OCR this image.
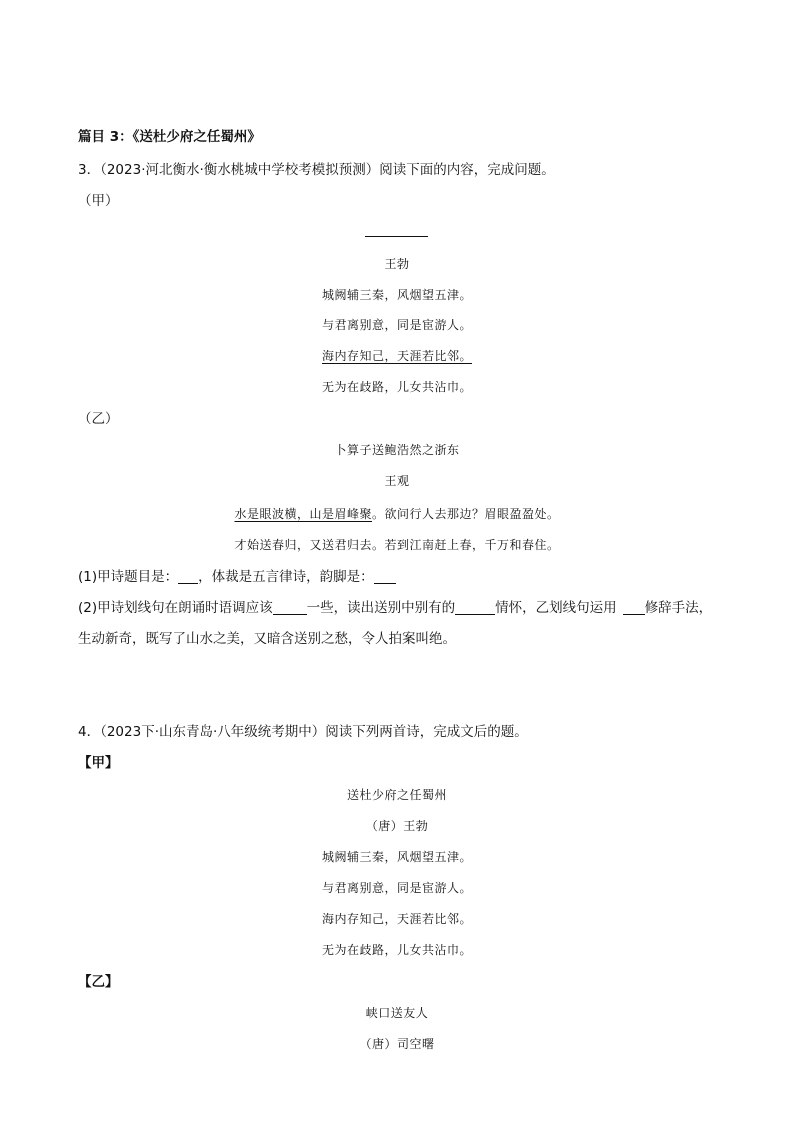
篇目 3：《送杜少府之任蜀州》
3．（2023·河北衡水·衡水桃城中学校考模拟预测）阅读下面的内容，完成问题。
（甲）
王勃
城阙辅三秦，风烟望五津。
与君离别意，同是宦游人。
海内存知己，天涯若比邻。
无为在歧路，儿女共沾巾。
（乙）
卜算子送鲍浩然之浙东
王观
水是眼波横，山是眉峰聚。欲问行人去那边？眉眼盈盈处。
才始送春归，又送君归去。若到江南赶上春，千万和春住。
(1)甲诗题目是： ，体裁是五言律诗，韵脚是：
(2)甲诗划线句在朗诵时语调应该	一些，读出送别中别有的	情怀，乙划线句运用 修辞手法，
生动新奇，既写了山水之美，又暗含送别之愁，令人拍案叫绝。
4．（2023下·山东青岛·八年级统考期中）阅读下列两首诗，完成文后的题。
【甲】
送杜少府之任蜀州
（唐）王勃
城阙辅三秦，风烟望五津。
与君离别意，同是宦游人。
海内存知己，天涯若比邻。
无为在歧路，儿女共沾巾。
【乙】
峡口送友人
（唐）司空曙
